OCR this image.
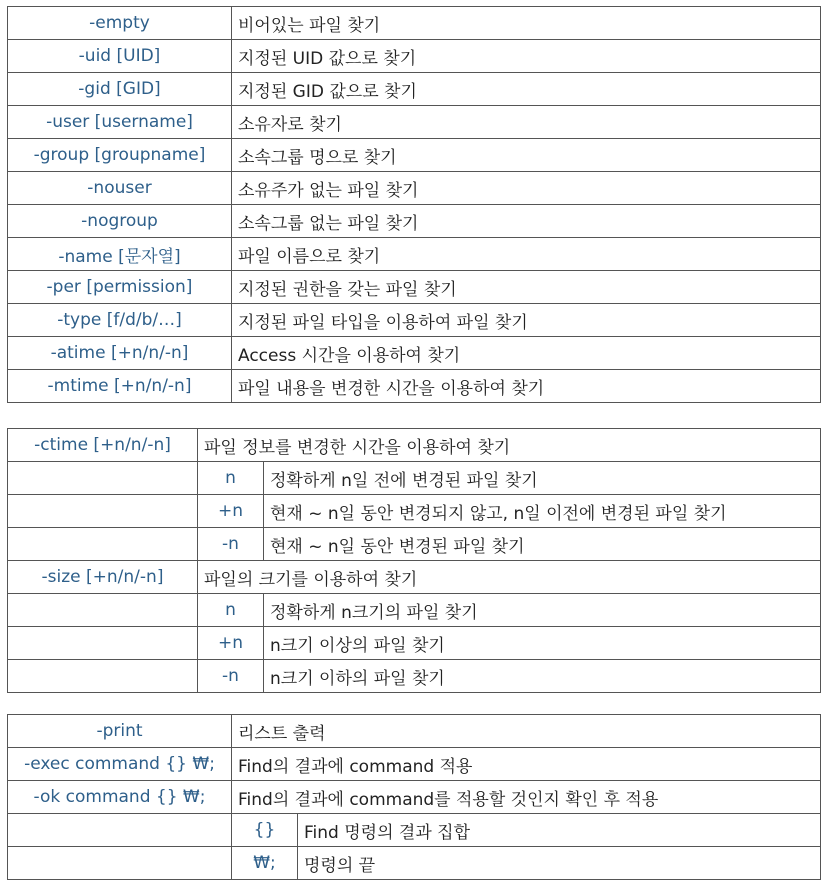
-empty	비어있는 파일 찾기
-uid [UID]	지정된 UID 값으로 찾기
-gid [GID]	지정된 GID 값으로 찾기
-user [username]	소유자로 찾기
-group [groupname]	소속그룹 명으로 찾기
-nouser	소유주가 없는 파일 찾기
-nogroup	소속그룹 없는 파일 찾기
-name [문자열]	파일 이름으로 찾기
-per [permission]	지정된 권한을 갖는 파일 찾기
-type [f/d/b/…]	지정된 파일 타입을 이용하여 파일 찾기
-atime [+n/n/-n]	Access 시간을 이용하여 찾기
-mtime [+n/n/-n]	파일 내용을 변경한 시간을 이용하여 찾기
-ctime [+n/n/-n]	파일 정보를 변경한 시간을 이용하여 찾기	
	n	정확하게 n일 전에 변경된 파일 찾기
	+n	현재 ~ n일 동안 변경되지 않고, n일 이전에 변경된 파일 찾기
	-n	현재 ~ n일 동안 변경된 파일 찾기
-size [+n/n/-n]	파일의 크기를 이용하여 찾기	
	n	정확하게 n크기의 파일 찾기
	+n	n크기 이상의 파일 찾기
	-n	n크기 이하의 파일 찾기
-print	리스트 출력	
-exec command {} ₩;	Find의 결과에 command 적용	
-ok command {} ₩;	Find의 결과에 command를 적용할 것인지 확인 후 적용	
	{}	Find 명령의 결과 집합
	₩;	명령의 끝
